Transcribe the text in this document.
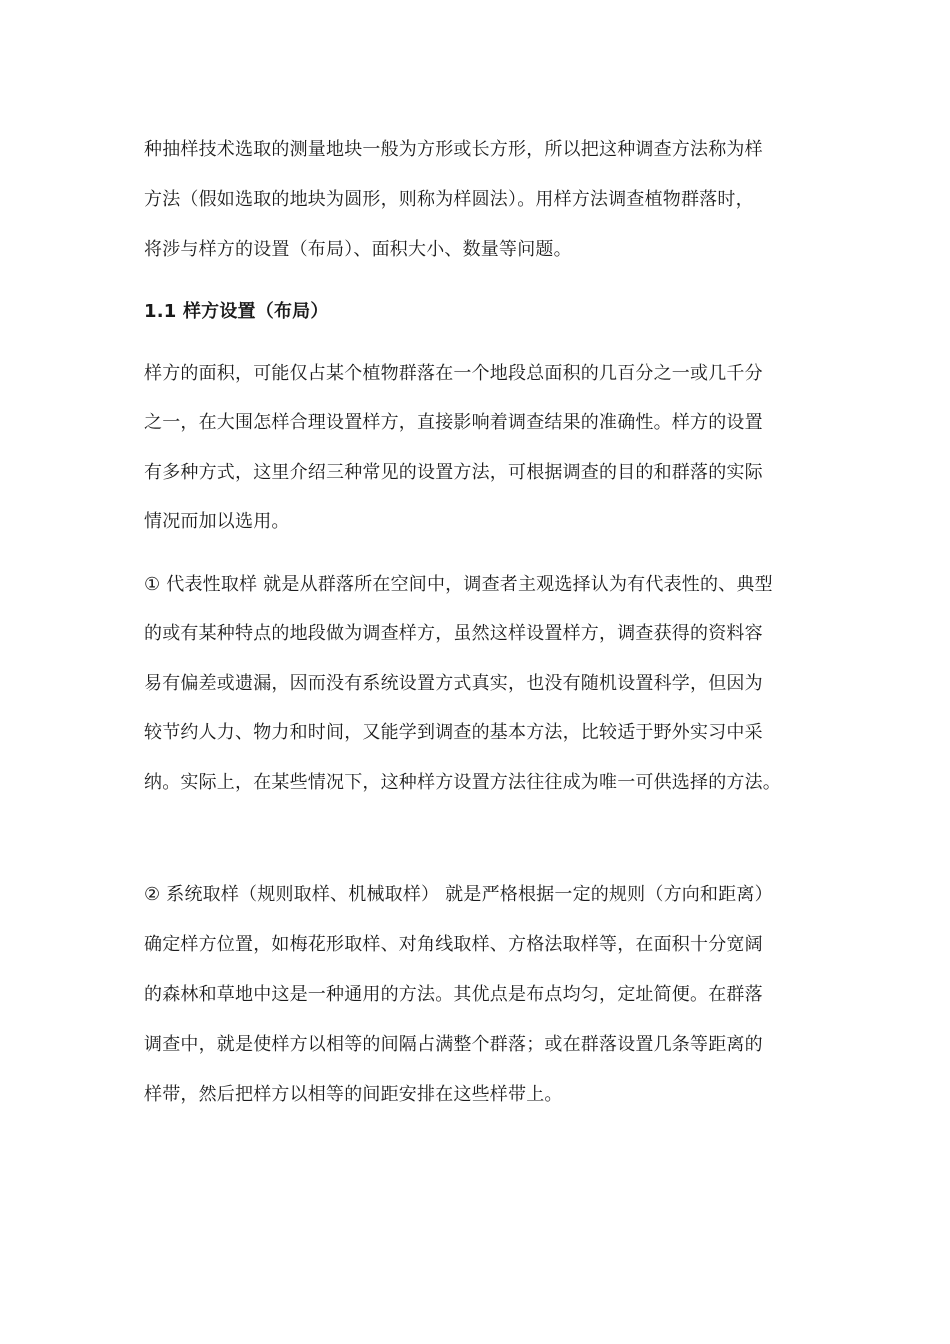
种抽样技术选取的测量地块一般为方形或长方形，所以把这种调查方法称为样
方法（假如选取的地块为圆形，则称为样圆法）。用样方法调查植物群落时，
将涉与样方的设置（布局）、面积大小、数量等问题。
1.1 样方设置（布局）
样方的面积，可能仅占某个植物群落在一个地段总面积的几百分之一或几千分
之一，在大围怎样合理设置样方，直接影响着调查结果的准确性。样方的设置
有多种方式，这里介绍三种常见的设置方法，可根据调查的目的和群落的实际
情况而加以选用。
① 代表性取样 就是从群落所在空间中，调查者主观选择认为有代表性的、典型
的或有某种特点的地段做为调查样方，虽然这样设置样方，调查获得的资料容
易有偏差或遗漏，因而没有系统设置方式真实，也没有随机设置科学，但因为
较节约人力、物力和时间，又能学到调查的基本方法，比较适于野外实习中采
纳。实际上，在某些情况下，这种样方设置方法往往成为唯一可供选择的方法。
② 系统取样（规则取样、机械取样） 就是严格根据一定的规则（方向和距离）
确定样方位置，如梅花形取样、对角线取样、方格法取样等，在面积十分宽阔
的森林和草地中这是一种通用的方法。其优点是布点均匀，定址简便。在群落
调查中，就是使样方以相等的间隔占满整个群落；或在群落设置几条等距离的
样带，然后把样方以相等的间距安排在这些样带上。
